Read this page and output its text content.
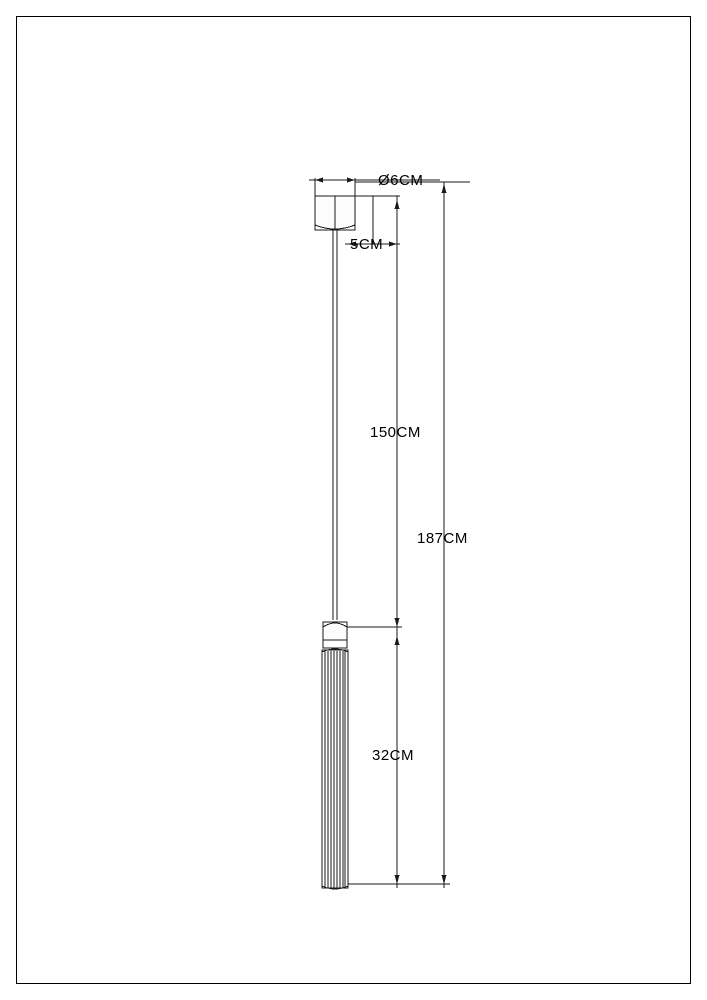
Ø6CM
5CM
150CM
187CM
32CM
